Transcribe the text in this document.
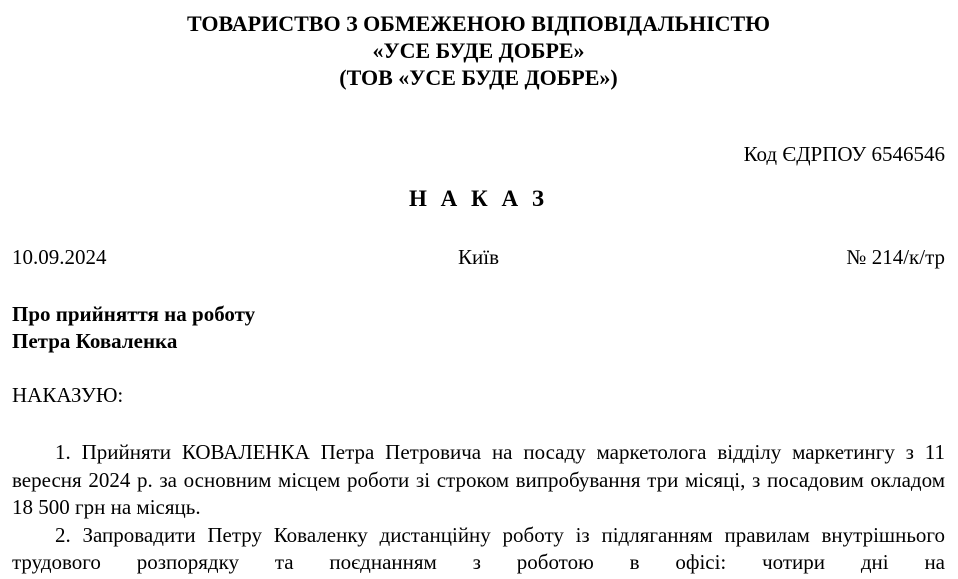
ТОВАРИСТВО З ОБМЕЖЕНОЮ ВІДПОВІДАЛЬНІСТЮ
«УСЕ БУДЕ ДОБРЕ»
(ТОВ «УСЕ БУДЕ ДОБРЕ»)
Код ЄДРПОУ 6546546
Н А К А З
10.09.2024	Київ	№ 214/к/тр
Про прийняття на роботу
Петра Коваленка
НАКАЗУЮ:

1. Прийняти КОВАЛЕНКА Петра Петровича на посаду маркетолога відділу маркетингу з 11 вересня 2024 р. за основним місцем роботи зі строком випробування три місяці, з посадовим окладом 18 500 грн на місяць.

2. Запровадити Петру Коваленку дистанційну роботу із підляганням правилам внутрішнього трудового розпорядку та поєднанням з роботою в офісі: чотири дні на
